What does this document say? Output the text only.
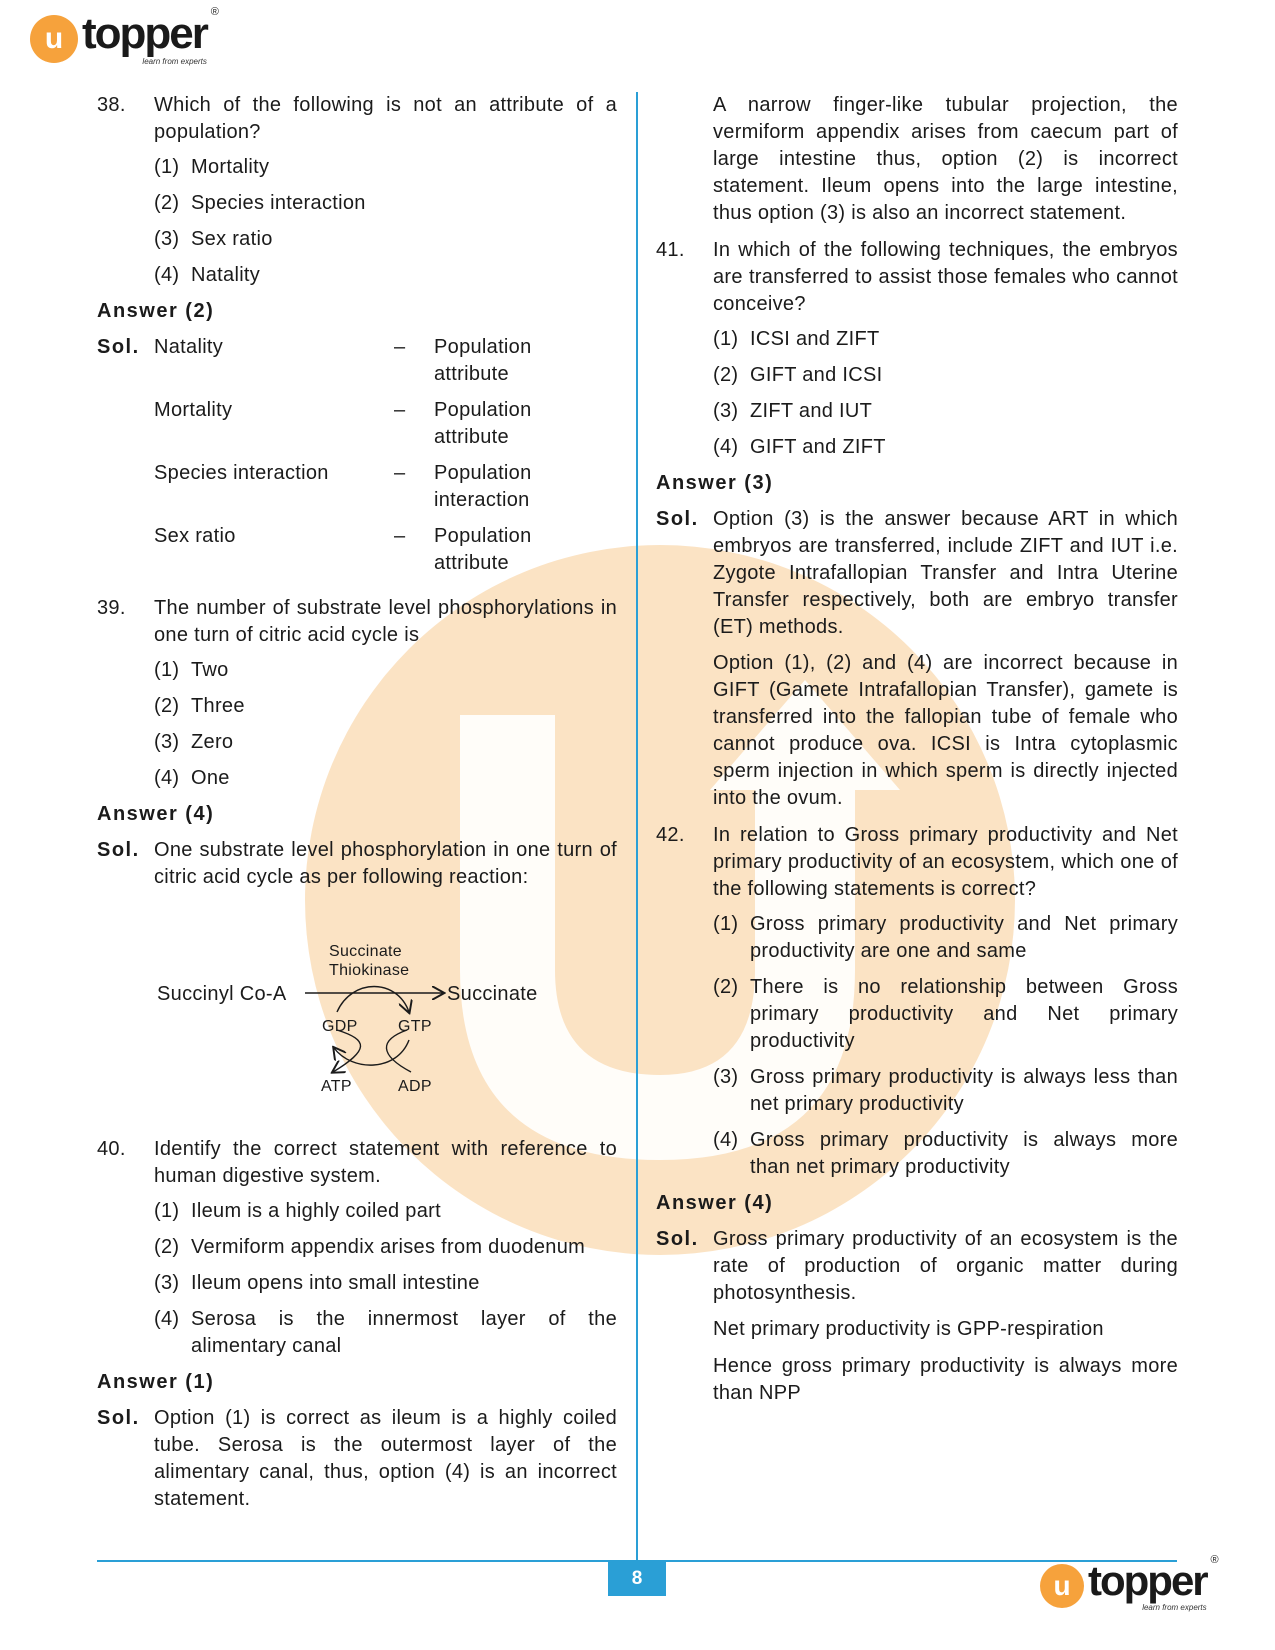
u topper ®
learn from experts
38.	Which of the following is not an attribute of a population?
(1) Mortality
(2) Species interaction
(3) Sex ratio
(4) Natality
Answer (2)
Sol. Natality	–	Population attribute
Mortality	–	Population attribute
Species interaction	–	Population interaction
Sex ratio	–	Population attribute
39.	The number of substrate level phosphorylations in one turn of citric acid cycle is
(1) Two
(2) Three
(3) Zero
(4) One
Answer (4)
Sol. One substrate level phosphorylation in one turn of citric acid cycle as per following reaction:
Succinyl Co-A
Succinate
Thiokinase
Succinate
GDP	GTP
ATP	ADP
40.	Identify the correct statement with reference to human digestive system.
(1) Ileum is a highly coiled part
(2) Vermiform appendix arises from duodenum
(3) Ileum opens into small intestine
(4) Serosa is the innermost layer of the alimentary canal
Answer (1)
Sol. Option (1) is correct as ileum is a highly coiled tube. Serosa is the outermost layer of the alimentary canal, thus, option (4) is an incorrect statement.
A narrow finger-like tubular projection, the vermiform appendix arises from caecum part of large intestine thus, option (2) is incorrect statement. Ileum opens into the large intestine, thus option (3) is also an incorrect statement.
41.	In which of the following techniques, the embryos are transferred to assist those females who cannot conceive?
(1) ICSI and ZIFT
(2) GIFT and ICSI
(3) ZIFT and IUT
(4) GIFT and ZIFT
Answer (3)
Sol. Option (3) is the answer because ART in which embryos are transferred, include ZIFT and IUT i.e. Zygote Intrafallopian Transfer and Intra Uterine Transfer respectively, both are embryo transfer (ET) methods.
Option (1), (2) and (4) are incorrect because in GIFT (Gamete Intrafallopian Transfer), gamete is transferred into the fallopian tube of female who cannot produce ova. ICSI is Intra cytoplasmic sperm injection in which sperm is directly injected into the ovum.
42.	In relation to Gross primary productivity and Net primary productivity of an ecosystem, which one of the following statements is correct?
(1) Gross primary productivity and Net primary productivity are one and same
(2) There is no relationship between Gross primary productivity and Net primary productivity
(3) Gross primary productivity is always less than net primary productivity
(4) Gross primary productivity is always more than net primary productivity
Answer (4)
Sol. Gross primary productivity of an ecosystem is the rate of production of organic matter during photosynthesis.
Net primary productivity is GPP-respiration
Hence gross primary productivity is always more than NPP
8	u topper ®
learn from experts
